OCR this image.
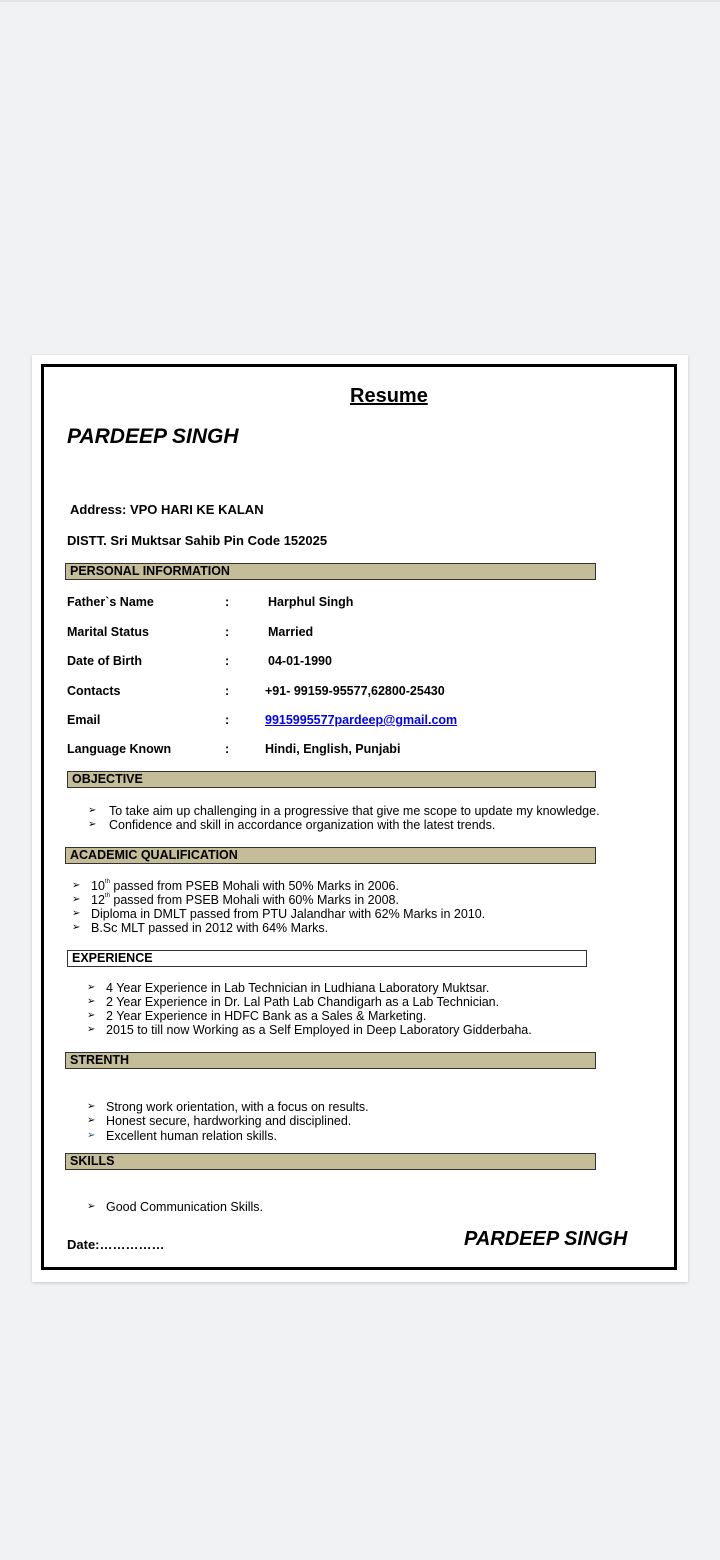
Resume
PARDEEP SINGH
Address: VPO HARI KE KALAN
DISTT. Sri Muktsar Sahib Pin Code 152025
PERSONAL INFORMATION
Father`s Name	:	Harphul Singh
Marital Status	:	Married
Date of Birth	:	04-01-1990
Contacts	:	+91- 99159-95577,62800-25430
Email	:	9915995577pardeep@gmail.com
Language Known	:	Hindi, English, Punjabi
OBJECTIVE
➢ To take aim up challenging in a progressive that give me scope to update my knowledge.
➢ Confidence and skill in accordance organization with the latest trends.
ACADEMIC QUALIFICATION
➢ 10th passed from PSEB Mohali with 50% Marks in 2006.
➢ 12th passed from PSEB Mohali with 60% Marks in 2008.
➢ Diploma in DMLT passed from PTU Jalandhar with 62% Marks in 2010.
➢ B.Sc MLT passed in 2012 with 64% Marks.
EXPERIENCE
➢ 4 Year Experience in Lab Technician in Ludhiana Laboratory Muktsar.
➢ 2 Year Experience in Dr. Lal Path Lab Chandigarh as a Lab Technician.
➢ 2 Year Experience in HDFC Bank as a Sales & Marketing.
➢ 2015 to till now Working as a Self Employed in Deep Laboratory Gidderbaha.
STRENTH
➢ Strong work orientation, with a focus on results.
➢ Honest secure, hardworking and disciplined.
➢ Excellent human relation skills.
SKILLS
➢ Good Communication Skills.
Date:……………	PARDEEP SINGH
